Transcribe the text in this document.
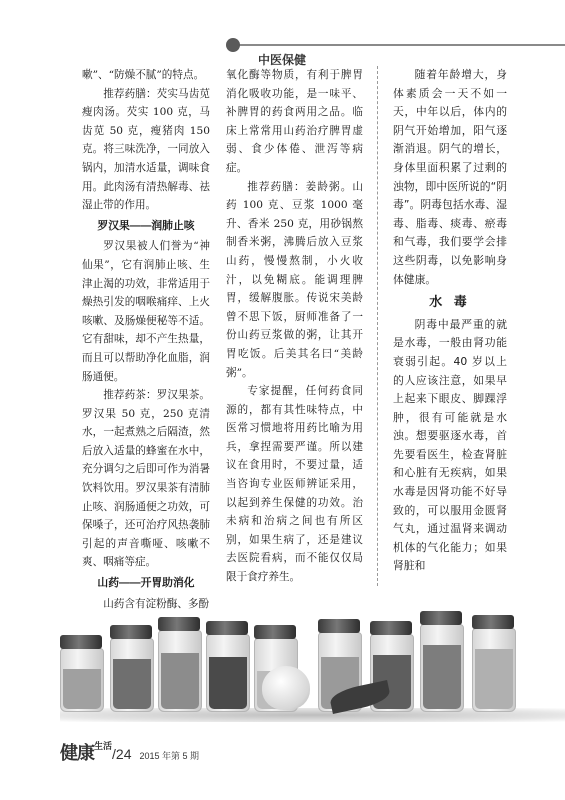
中医保健

嗽”、“防燥不腻”的特点。

推荐药膳：芡实马齿苋瘦肉汤。芡实 100 克，马齿苋 50 克，瘦猪肉 150 克。将三味洗净，一同放入锅内，加清水适量，调味食用。此肉汤有清热解毒、祛湿止带的作用。

罗汉果——润肺止咳

罗汉果被人们誉为“神仙果”，它有润肺止咳、生津止渴的功效，非常适用于燥热引发的咽喉痛痒、上火咳嗽、及肠燥便秘等不适。它有甜味，却不产生热量，而且可以帮助净化血脂，润肠通便。

推荐药茶：罗汉果茶。罗汉果 50 克，250 克清水，一起煮熟之后隔渣，然后放入适量的蜂蜜在水中，充分调匀之后即可作为消暑饮料饮用。罗汉果茶有清肺止咳、润肠通便之功效，可保嗓子，还可治疗风热袭肺引起的声音嘶哑、咳嗽不爽、咽痛等症。

山药——开胃助消化

山药含有淀粉酶、多酚

氧化酶等物质，有利于脾胃消化吸收功能，是一味平、补脾胃的药食两用之品。临床上常常用山药治疗脾胃虚弱、食少体倦、泄泻等病症。

推荐药膳：姜龄粥。山药 100 克、豆浆 1000 毫升、香米 250 克，用砂锅熬制香米粥，沸腾后放入豆浆山药，慢慢熬制，小火收汁，以免糊底。能调理脾胃，缓解腹胀。传说宋美龄曾不思下饭，厨师准备了一份山药豆浆做的粥，让其开胃吃饭。后美其名曰“美龄粥”。

专家提醒，任何药食同源的，都有其性味特点，中医常习惯地将用药比喻为用兵，拿捏需要严谨。所以建议在食用时，不要过量，适当咨询专业医师辨证采用，以起到养生保健的功效。治未病和治病之间也有所区别，如果生病了，还是建议去医院看病，而不能仅仅局限于食疗养生。

随着年龄增大，身体素质会一天不如一天，中年以后，体内的阴气开始增加，阳气逐渐消退。阴气的增长，身体里面积累了过剩的浊物，即中医所说的“阴毒”。阴毒包括水毒、湿毒、脂毒、痰毒、瘀毒和气毒，我们要学会排这些阴毒，以免影响身体健康。

水 毒

阴毒中最严重的就是水毒，一般由肾功能衰弱引起。40 岁以上的人应该注意，如果早上起来下眼皮、脚踝浮肿，很有可能就是水浊。想要驱逐水毒，首先要看医生，检查肾脏和心脏有无疾病，如果水毒是因肾功能不好导致的，可以服用金匮肾气丸，通过温肾来调动机体的气化能力；如果肾脏和

健康$^{生活}$/24 2015 年第 5 期
